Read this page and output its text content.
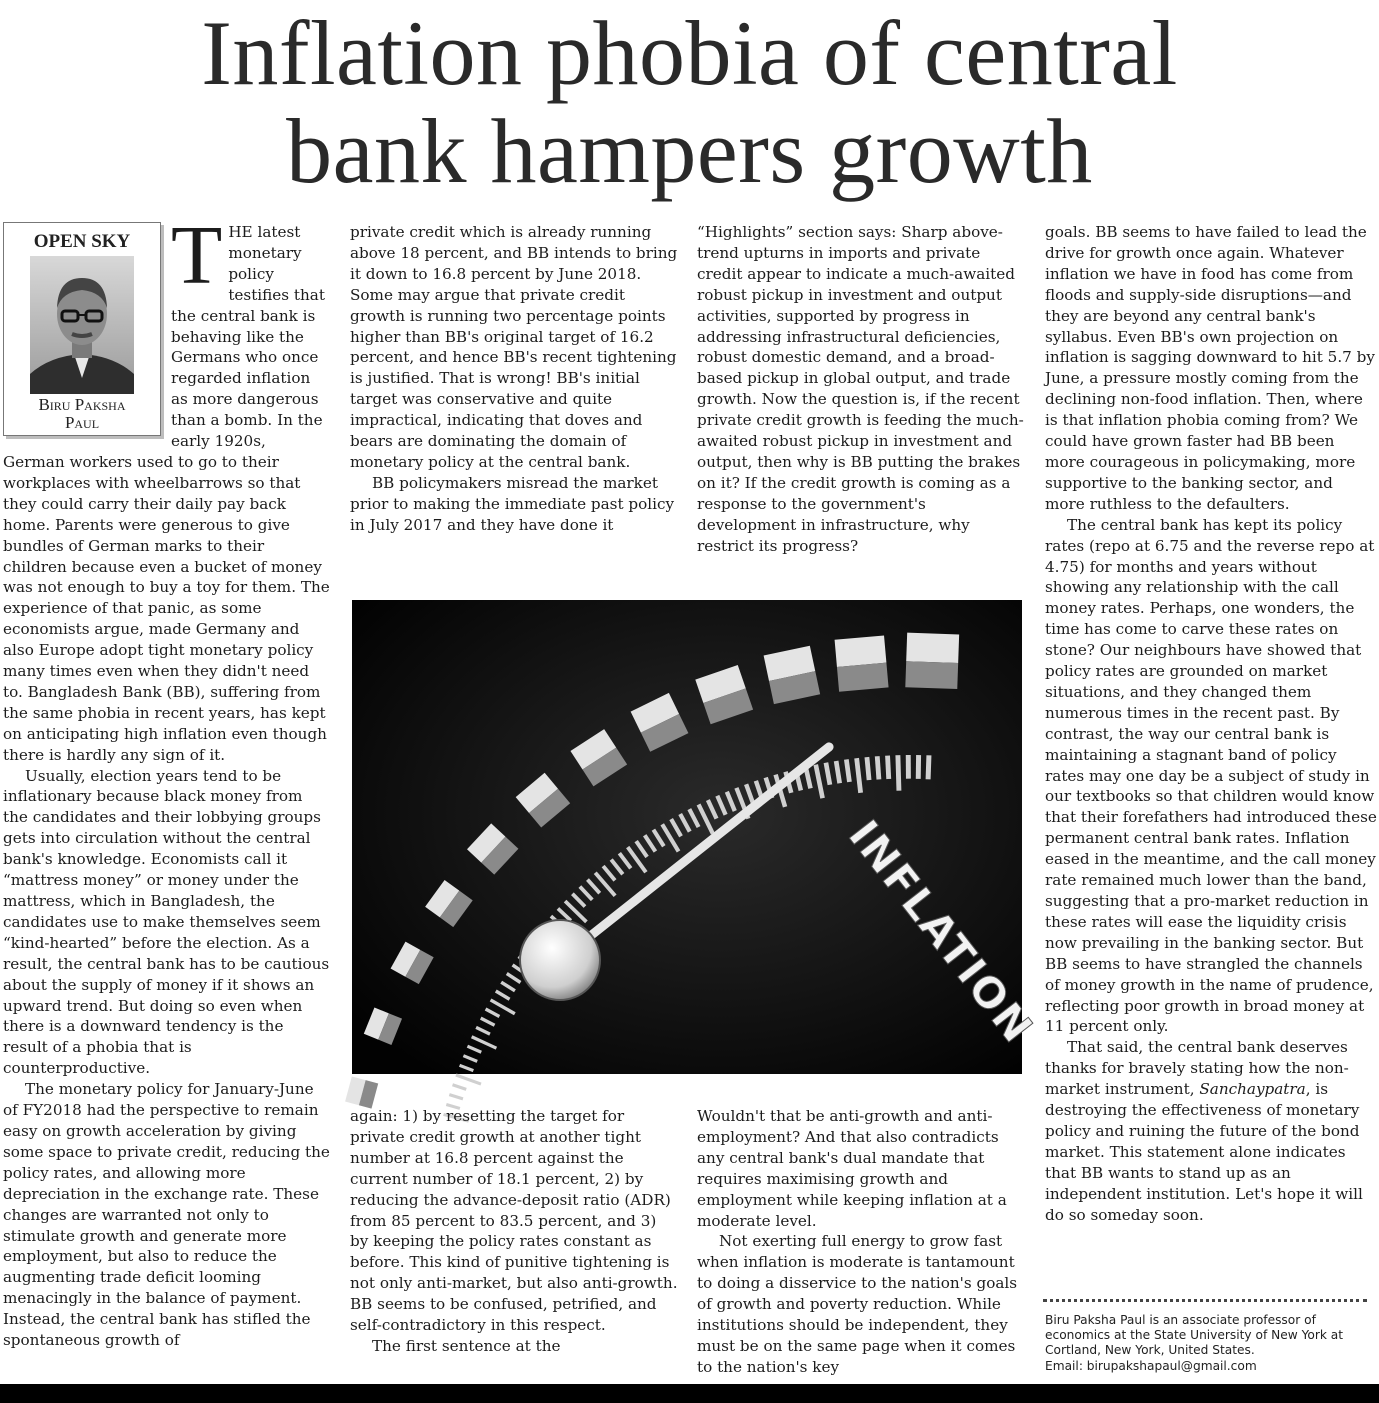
Inflation phobia of central
bank hampers growth
OPEN SKY
Biru Paksha
Paul
T HE latest
monetary
policy

testifies that the central bank is behaving like the Germans who once regarded inflation as more dangerous than a bomb. In the early 1920s, German workers used to go to their workplaces with wheelbarrows so that they could carry their daily pay back home. Parents were generous to give bundles of German marks to their children because even a bucket of money was not enough to buy a toy for them. The experience of that panic, as some economists argue, made Germany and also Europe adopt tight monetary policy many times even when they didn't need to. Bangladesh Bank (BB), suffering from the same phobia in recent years, has kept on anticipating high inflation even though there is hardly any sign of it.

Usually, election years tend to be inflationary because black money from the candidates and their lobbying groups gets into circulation without the central bank's knowledge. Economists call it “mattress money” or money under the mattress, which in Bangladesh, the candidates use to make themselves seem “kind-hearted” before the election. As a result, the central bank has to be cautious about the supply of money if it shows an upward trend. But doing so even when there is a downward tendency is the result of a phobia that is counterproductive.

The monetary policy for January-June of FY2018 had the perspective to remain easy on growth acceleration by giving some space to private credit, reducing the policy rates, and allowing more depreciation in the exchange rate. These changes are warranted not only to stimulate growth and generate more employment, but also to reduce the augmenting trade deficit looming menacingly in the balance of payment. Instead, the central bank has stifled the spontaneous growth of

private credit which is already running above 18 percent, and BB intends to bring it down to 16.8 percent by June 2018. Some may argue that private credit growth is running two percentage points higher than BB's original target of 16.2 percent, and hence BB's recent tightening is justified. That is wrong! BB's initial target was conservative and quite impractical, indicating that doves and bears are dominating the domain of monetary policy at the central bank.

BB policymakers misread the market prior to making the immediate past policy in July 2017 and they have done it

“Highlights” section says: Sharp above-trend upturns in imports and private credit appear to indicate a much-awaited robust pickup in investment and output activities, supported by progress in addressing infrastructural deficiencies, robust domestic demand, and a broad-based pickup in global output, and trade growth. Now the question is, if the recent private credit growth is feeding the much-awaited robust pickup in investment and output, then why is BB putting the brakes on it? If the credit growth is coming as a response to the government's development in infrastructure, why restrict its progress?

INFLATION

again: 1) by resetting the target for private credit growth at another tight number at 16.8 percent against the current number of 18.1 percent, 2) by reducing the advance-deposit ratio (ADR) from 85 percent to 83.5 percent, and 3) by keeping the policy rates constant as before. This kind of punitive tightening is not only anti-market, but also anti-growth. BB seems to be confused, petrified, and self-contradictory in this respect.

The first sentence at the

Wouldn't that be anti-growth and anti-employment? And that also contradicts any central bank's dual mandate that requires maximising growth and employment while keeping inflation at a moderate level.

Not exerting full energy to grow fast when inflation is moderate is tantamount to doing a disservice to the nation's goals of growth and poverty reduction. While institutions should be independent, they must be on the same page when it comes to the nation's key

goals. BB seems to have failed to lead the drive for growth once again. Whatever inflation we have in food has come from floods and supply-side disruptions—and they are beyond any central bank's syllabus. Even BB's own projection on inflation is sagging downward to hit 5.7 by June, a pressure mostly coming from the declining non-food inflation. Then, where is that inflation phobia coming from? We could have grown faster had BB been more courageous in policymaking, more supportive to the banking sector, and more ruthless to the defaulters.

The central bank has kept its policy rates (repo at 6.75 and the reverse repo at 4.75) for months and years without showing any relationship with the call money rates. Perhaps, one wonders, the time has come to carve these rates on stone? Our neighbours have showed that policy rates are grounded on market situations, and they changed them numerous times in the recent past. By contrast, the way our central bank is maintaining a stagnant band of policy rates may one day be a subject of study in our textbooks so that children would know that their forefathers had introduced these permanent central bank rates. Inflation eased in the meantime, and the call money rate remained much lower than the band, suggesting that a pro-market reduction in these rates will ease the liquidity crisis now prevailing in the banking sector. But BB seems to have strangled the channels of money growth in the name of prudence, reflecting poor growth in broad money at 11 percent only.

That said, the central bank deserves thanks for bravely stating how the non-market instrument, Sanchaypatra, is destroying the effectiveness of monetary policy and ruining the future of the bond market. This statement alone indicates that BB wants to stand up as an independent institution. Let's hope it will do so someday soon.

Biru Paksha Paul is an associate professor of
economics at the State University of New York at
Cortland, New York, United States.
Email: birupakshapaul@gmail.com
